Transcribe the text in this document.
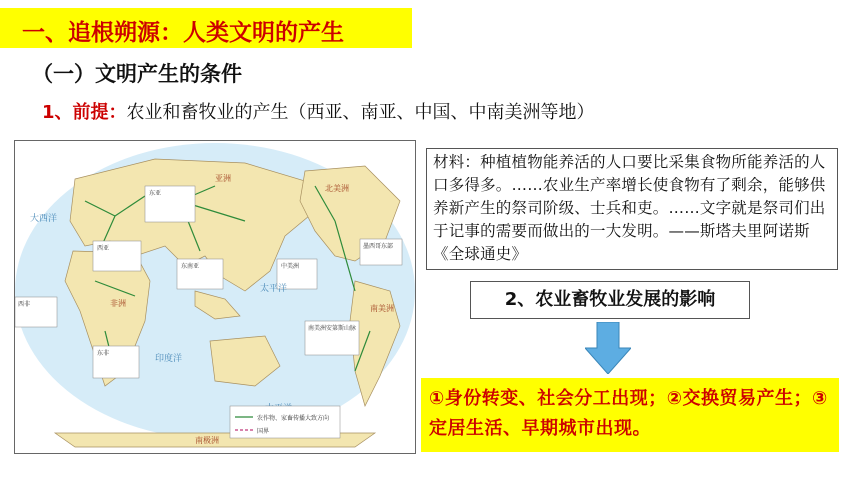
一、追根朔源：人类文明的产生
（一）文明产生的条件
1、前提：农业和畜牧业的产生（西亚、南亚、中国、中南美洲等地）
东亚
西亚
东南亚	中美洲
墨西哥东部
西非
东非
南美洲安第斯山脉
大西洋
印度洋
太平洋
亚洲
北美洲
南美洲
非洲
南极洲
农作物、家畜传播大致方向
国界
材料：种植植物能养活的人口要比采集食物所能养活的人口多得多。……农业生产率增长使食物有了剩余，能够供养新产生的祭司阶级、士兵和吏。……文字就是祭司们出于记事的需要而做出的一大发明。——斯塔夫里阿诺斯《全球通史》
2、农业畜牧业发展的影响
①身份转变、社会分工出现；②交换贸易产生；③定居生活、早期城市出现。
